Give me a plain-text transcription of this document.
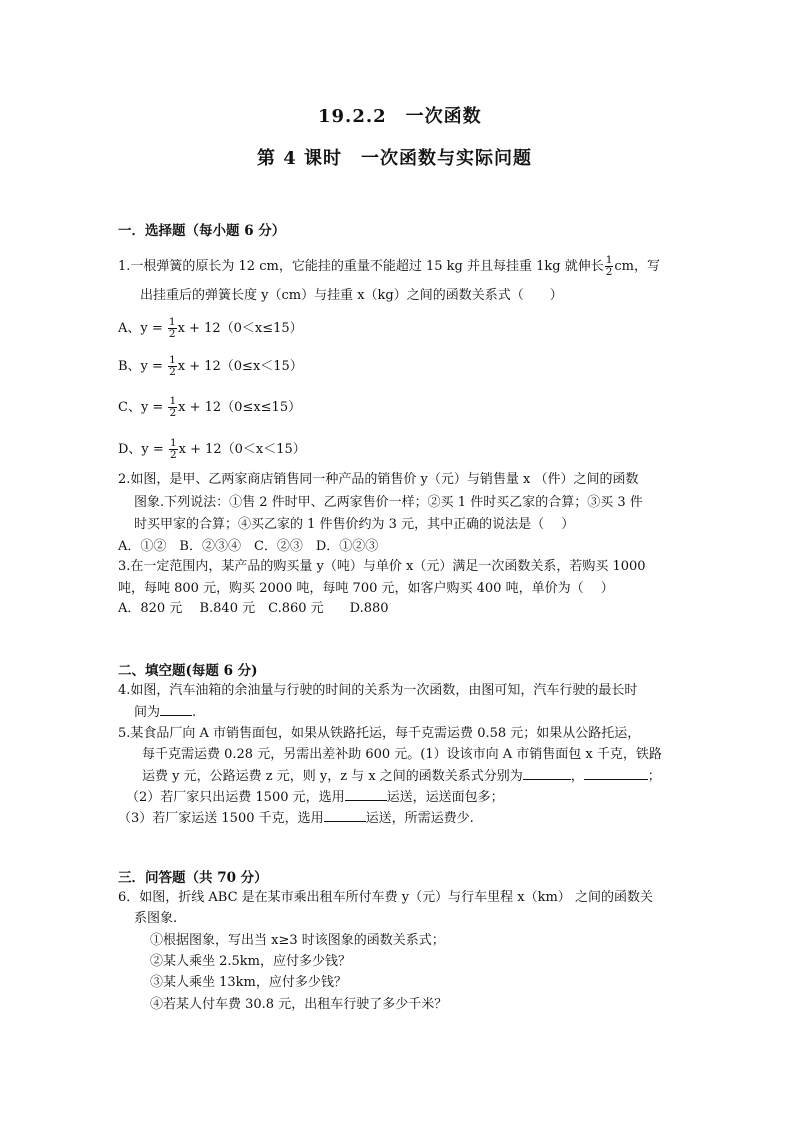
19.2.2　一次函数
第 4 课时　一次函数与实际问题
一．选择题（每小题 6 分）
1.一根弹簧的原长为 12 cm，它能挂的重量不能超过 15 kg 并且每挂重 1kg 就伸长 $\frac{1}{2}$ cm，写
出挂重后的弹簧长度 y（cm）与挂重 x（kg）之间的函数关系式（　　）
A、$y = \frac{1}{2}$ x + 12（0＜x≤15）
B、$y = \frac{1}{2}$ x + 12（0≤x＜15）
C、$y = \frac{1}{2}$ x + 12（0≤x≤15）
D、$y = \frac{1}{2}$ x + 12（0＜x＜15）
2.如图，是甲、乙两家商店销售同一种产品的销售价 y（元）与销售量 x （件）之间的函数
图象.下列说法：①售 2 件时甲、乙两家售价一样；②买 1 件时买乙家的合算；③买 3 件
时买甲家的合算；④买乙家的 1 件售价约为 3 元，其中正确的说法是（　 ）
A．①②　B．②③④　C．②③　D．①②③
3.在一定范围内，某产品的购买量 y（吨）与单价 x（元）满足一次函数关系，若购买 1000
吨，每吨 800 元，购买 2000 吨，每吨 700 元，如客户购买 400 吨，单价为（　 ）
A．820 元　 B.840 元　C.860 元　　D.880
二、填空题(每题 6 分)
4.如图，汽车油箱的余油量与行驶的时间的关系为一次函数，由图可知，汽车行驶的最长时
间为 .
5.某食品厂向 A 市销售面包，如果从铁路托运，每千克需运费 0.58 元；如果从公路托运，
每千克需运费 0.28 元，另需出差补助 600 元。(1）设该市向 A 市销售面包 x 千克，铁路
运费 y 元，公路运费 z 元，则 y，z 与 x 之间的函数关系式分别为	，	；
（2）若厂家只出运费 1500 元，选用	运送，运送面包多；
（3）若厂家运送 1500 千克，选用	运送，所需运费少.
三．问答题（共 70 分）
6．如图，折线 ABC 是在某市乘出租车所付车费 y（元）与行车里程 x（km） 之间的函数关
系图象.
①根据图象，写出当 x≥3 时该图象的函数关系式；
②某人乘坐 2.5km，应付多少钱？
③某人乘坐 13km，应付多少钱？
④若某人付车费 30.8 元，出租车行驶了多少千米？
